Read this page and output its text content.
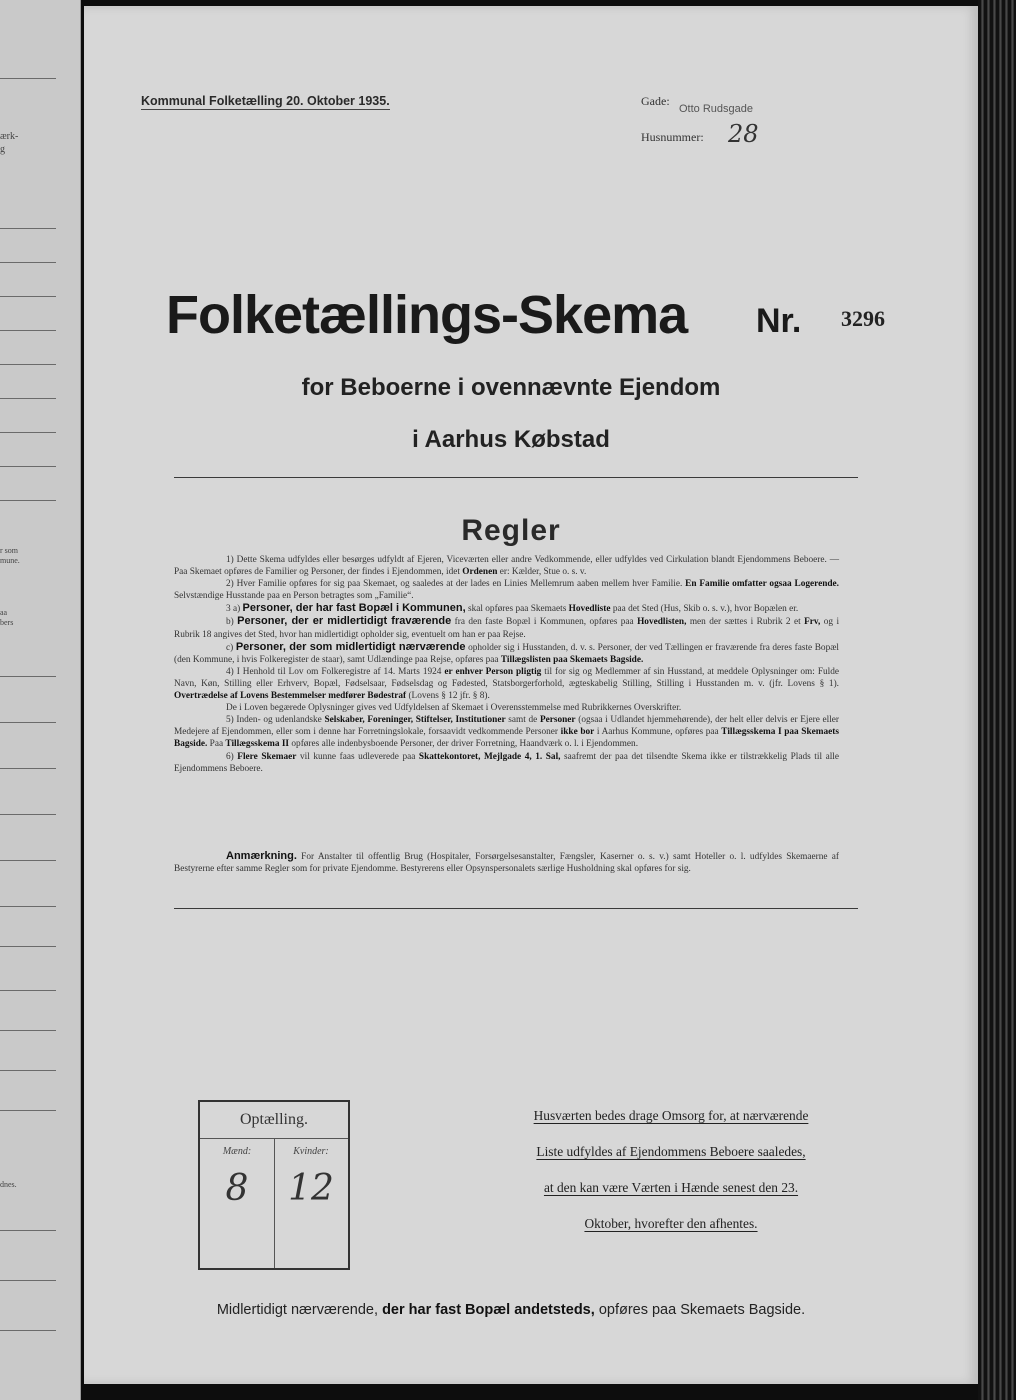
ærk-
g
r som
mune.
aa
bers
dnes.
Kommunal Folketælling 20. Oktober 1935.	Gade:
Otto Rudsgade
Husnummer: 28
Folketællings-Skema Nr. 3296
for Beboerne i ovennævnte Ejendom
i Aarhus Købstad
Regler

1) Dette Skema udfyldes eller besørges udfyldt af Ejeren, Viceværten eller andre Vedkommende, eller udfyldes ved Cirkulation blandt Ejendommens Beboere. — Paa Skemaet opføres de Familier og Personer, der findes i Ejendommen, idet Ordenen er: Kælder, Stue o. s. v.

2) Hver Familie opføres for sig paa Skemaet, og saaledes at der lades en Linies Mellemrum aaben mellem hver Familie. En Familie omfatter ogsaa Logerende. Selvstændige Husstande paa en Person betragtes som „Familie“.

3 a) Personer, der har fast Bopæl i Kommunen, skal opføres paa Skemaets Hovedliste paa det Sted (Hus, Skib o. s. v.), hvor Bopælen er.

b) Personer, der er midlertidigt fraværende fra den faste Bopæl i Kommunen, opføres paa Hovedlisten, men der sættes i Rubrik 2 et Frv, og i Rubrik 18 angives det Sted, hvor han midlertidigt opholder sig, eventuelt om han er paa Rejse.

c) Personer, der som midlertidigt nærværende opholder sig i Husstanden, d. v. s. Personer, der ved Tællingen er fraværende fra deres faste Bopæl (den Kommune, i hvis Folkeregister de staar), samt Udlændinge paa Rejse, opføres paa Tillægslisten paa Skemaets Bagside.

4) I Henhold til Lov om Folkeregistre af 14. Marts 1924 er enhver Person pligtig til for sig og Medlemmer af sin Husstand, at meddele Oplysninger om: Fulde Navn, Køn, Stilling eller Erhverv, Bopæl, Fødselsaar, Fødselsdag og Fødested, Statsborgerforhold, ægteskabelig Stilling, Stilling i Husstanden m. v. (jfr. Lovens § 1). Overtrædelse af Lovens Bestemmelser medfører Bødestraf (Lovens § 12 jfr. § 8).

De i Loven begærede Oplysninger gives ved Udfyldelsen af Skemaet i Overensstemmelse med Rubrikkernes Overskrifter.

5) Inden- og udenlandske Selskaber, Foreninger, Stiftelser, Institutioner samt de Personer (ogsaa i Udlandet hjemmehørende), der helt eller delvis er Ejere eller Medejere af Ejendommen, eller som i denne har Forretningslokale, forsaavidt vedkommende Personer ikke bor i Aarhus Kommune, opføres paa Tillægsskema I paa Skemaets Bagside. Paa Tillægsskema II opføres alle indenbysboende Personer, der driver Forretning, Haandværk o. l. i Ejendommen.

6) Flere Skemaer vil kunne faas udleverede paa Skattekontoret, Mejlgade 4, 1. Sal, saafremt der paa det tilsendte Skema ikke er tilstrækkelig Plads til alle Ejendommens Beboere.

Anmærkning. For Anstalter til offentlig Brug (Hospitaler, Forsørgelsesanstalter, Fængsler, Kaserner o. s. v.) samt Hoteller o. l. udfyldes Skemaerne af Bestyrerne efter samme Regler som for private Ejendomme. Bestyrerens eller Opsynspersonalets særlige Husholdning skal opføres for sig.

Optælling.
Mænd:	Kvinder:
8	12
Husværten bedes drage Omsorg for, at nærværende
Liste udfyldes af Ejendommens Beboere saaledes,
at den kan være Værten i Hænde senest den 23.
Oktober, hvorefter den afhentes.
Midlertidigt nærværende, der har fast Bopæl andetsteds, opføres paa Skemaets Bagside.
